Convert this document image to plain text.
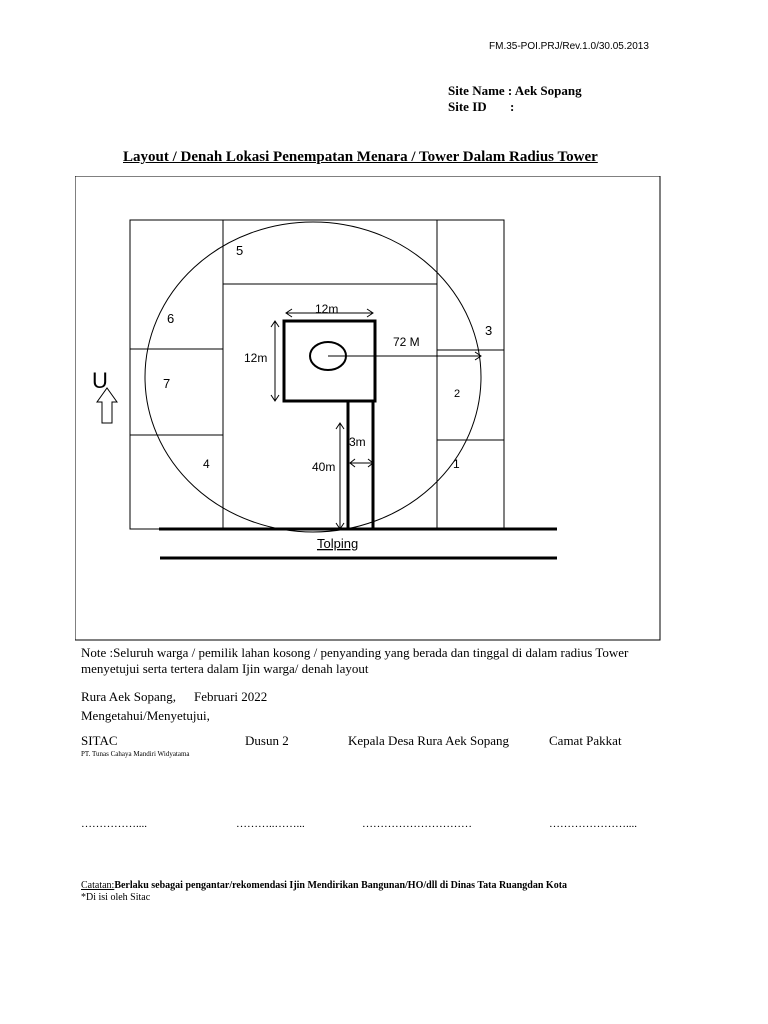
FM.35-POI.PRJ/Rev.1.0/30.05.2013
Site Name : Aek Sopang
Site ID :
Layout / Denah Lokasi Penempatan Menara / Tower Dalam Radius Tower
U
5
6
3
7
2
4	1
12m
12m
72 M
3m
40m
Tolping
Note :Seluruh warga / pemilik lahan kosong / penyanding yang berada dan tinggal di dalam radius Tower menyetujui serta tertera dalam Ijin warga/ denah layout
Rura Aek Sopang, Februari 2022
Mengetahui/Menyetujui,
SITAC	Dusun 2	Kepala Desa Rura Aek Sopang	Camat Pakkat
PT. Tunas Cahaya Mandiri Widyatama
……………....	………..……...	…………………………	…………………....
Catatan:Berlaku sebagai pengantar/rekomendasi Ijin Mendirikan Bangunan/HO/dll di Dinas Tata Ruangdan Kota
*Di isi oleh Sitac
